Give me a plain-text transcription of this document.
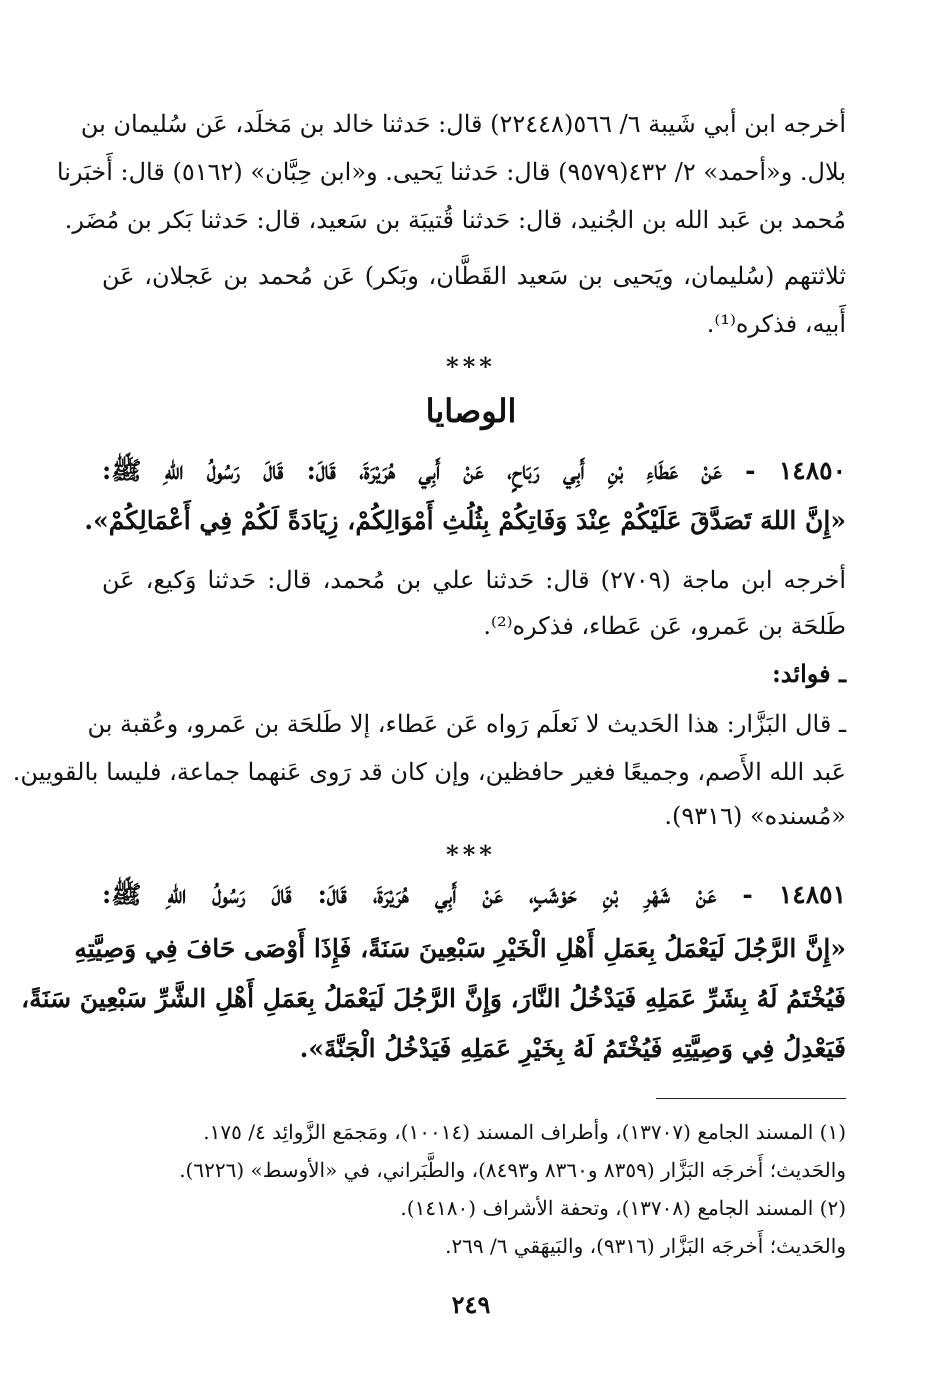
أخرجه ابن أبي شَيبة ٦/ ٥٦٦(٢٢٤٤٨) قال: حَدثنا خالد بن مَخلَد، عَن سُليمان بن

بلال. و«أحمد» ٢/ ٤٣٢(٩٥٧٩) قال: حَدثنا يَحيى. و«ابن حِبَّان» (٥١٦٢) قال: أَخبَرنا

مُحمد بن عَبد الله بن الجُنيد، قال: حَدثنا قُتيبَة بن سَعيد، قال: حَدثنا بَكر بن مُضَر.

ثلاثتهم (سُليمان، ويَحيى بن سَعيد القَطَّان، وبَكر) عَن مُحمد بن عَجلان، عَن

أَبيه، فذكره⁽¹⁾.

***

الوصايا

١٤٨٥٠ - عَنْ عَطَاءِ بْنِ أَبِي رَبَاحٍ، عَنْ أَبِي هُرَيْرَةَ، قَالَ: قَالَ رَسُولُ اللهِ ﷺ:

«إِنَّ اللهَ تَصَدَّقَ عَلَيْكُمْ عِنْدَ وَفَاتِكُمْ بِثُلُثِ أَمْوَالِكُمْ، زِيَادَةً لَكُمْ فِي أَعْمَالِكُمْ».

أخرجه ابن ماجة (٢٧٠٩) قال: حَدثنا علي بن مُحمد، قال: حَدثنا وَكيع، عَن

طَلحَة بن عَمرو، عَن عَطاء، فذكره⁽²⁾.

ـ فوائد:

ـ قال البَزَّار: هذا الحَديث لا نَعلَم رَواه عَن عَطاء، إلا طَلحَة بن عَمرو، وعُقبة بن

عَبد الله الأَصم، وجميعًا فغير حافظين، وإن كان قد رَوى عَنهما جماعة، فليسا بالقويين.

«مُسنده» (٩٣١٦).

***

١٤٨٥١ - عَنْ شَهْرِ بْنِ حَوْشَبٍ، عَنْ أَبِي هُرَيْرَةَ، قَالَ: قَالَ رَسُولُ اللهِ ﷺ:

«إِنَّ الرَّجُلَ لَيَعْمَلُ بِعَمَلِ أَهْلِ الْخَيْرِ سَبْعِينَ سَنَةً، فَإِذَا أَوْصَى حَافَ فِي وَصِيَّتِهِ

فَيُخْتَمُ لَهُ بِشَرِّ عَمَلِهِ فَيَدْخُلُ النَّارَ، وَإِنَّ الرَّجُلَ لَيَعْمَلُ بِعَمَلِ أَهْلِ الشَّرِّ سَبْعِينَ سَنَةً،

فَيَعْدِلُ فِي وَصِيَّتِهِ فَيُخْتَمُ لَهُ بِخَيْرِ عَمَلِهِ فَيَدْخُلُ الْجَنَّةَ».

(١) المسند الجامع (١٣٧٠٧)، وأطراف المسند (١٠٠١٤)، ومَجمَع الزَّوائِد ٤/ ١٧٥.

والحَديث؛ أَخرجَه البَزَّار (٨٣٥٩ و٨٣٦٠ و٨٤٩٣)، والطَّبَراني، في «الأوسط» (٦٢٢٦).

(٢) المسند الجامع (١٣٧٠٨)، وتحفة الأشراف (١٤١٨٠).

والحَديث؛ أَخرجَه البَزَّار (٩٣١٦)، والبَيهَقي ٦/ ٢٦٩.

٢٤٩
